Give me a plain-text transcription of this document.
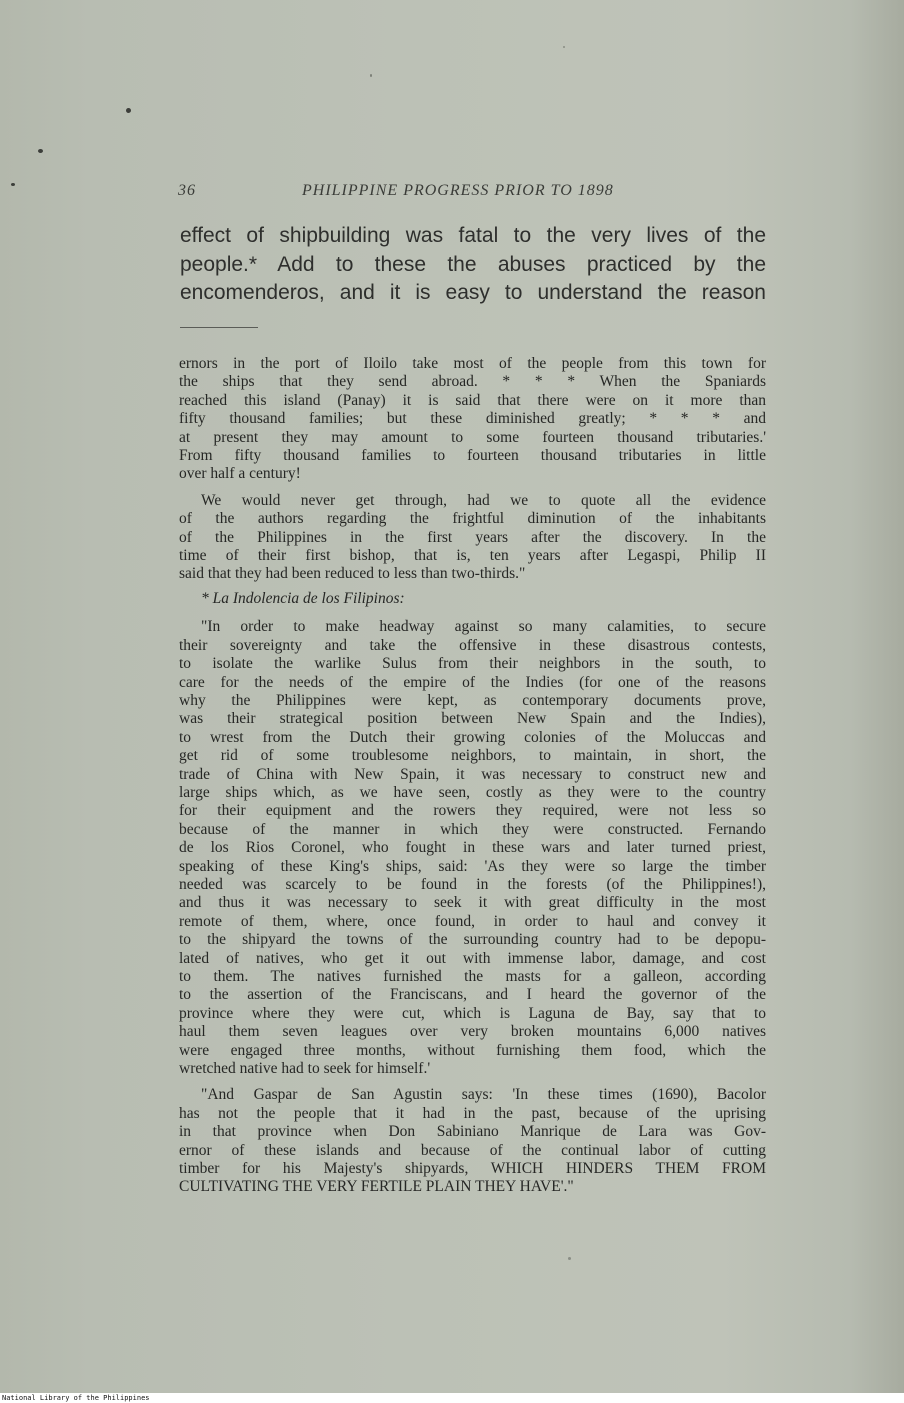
36	PHILIPPINE PROGRESS PRIOR TO 1898
effect of shipbuilding was fatal to the very lives of the
people.* Add to these the abuses practiced by the
encomenderos, and it is easy to understand the reason
ernors in the port of Iloilo take most of the people from this town for
the ships that they send abroad. * * * When the Spaniards
reached this island (Panay) it is said that there were on it more than
fifty thousand families; but these diminished greatly; * * * and
at present they may amount to some fourteen thousand tributaries.'
From fifty thousand families to fourteen thousand tributaries in little
over half a century!
We would never get through, had we to quote all the evidence
of the authors regarding the frightful diminution of the inhabitants
of the Philippines in the first years after the discovery. In the
time of their first bishop, that is, ten years after Legaspi, Philip II
said that they had been reduced to less than two-thirds."
* La Indolencia de los Filipinos:
"In order to make headway against so many calamities, to secure
their sovereignty and take the offensive in these disastrous contests,
to isolate the warlike Sulus from their neighbors in the south, to
care for the needs of the empire of the Indies (for one of the reasons
why the Philippines were kept, as contemporary documents prove,
was their strategical position between New Spain and the Indies),
to wrest from the Dutch their growing colonies of the Moluccas and
get rid of some troublesome neighbors, to maintain, in short, the
trade of China with New Spain, it was necessary to construct new and
large ships which, as we have seen, costly as they were to the country
for their equipment and the rowers they required, were not less so
because of the manner in which they were constructed. Fernando
de los Rios Coronel, who fought in these wars and later turned priest,
speaking of these King's ships, said: 'As they were so large the timber
needed was scarcely to be found in the forests (of the Philippines!),
and thus it was necessary to seek it with great difficulty in the most
remote of them, where, once found, in order to haul and convey it
to the shipyard the towns of the surrounding country had to be depopu-
lated of natives, who get it out with immense labor, damage, and cost
to them. The natives furnished the masts for a galleon, according
to the assertion of the Franciscans, and I heard the governor of the
province where they were cut, which is Laguna de Bay, say that to
haul them seven leagues over very broken mountains 6,000 natives
were engaged three months, without furnishing them food, which the
wretched native had to seek for himself.'
"And Gaspar de San Agustin says: 'In these times (1690), Bacolor
has not the people that it had in the past, because of the uprising
in that province when Don Sabiniano Manrique de Lara was Gov-
ernor of these islands and because of the continual labor of cutting
timber for his Majesty's shipyards, WHICH HINDERS THEM FROM
CULTIVATING THE VERY FERTILE PLAIN THEY HAVE'."
National Library of the Philippines
